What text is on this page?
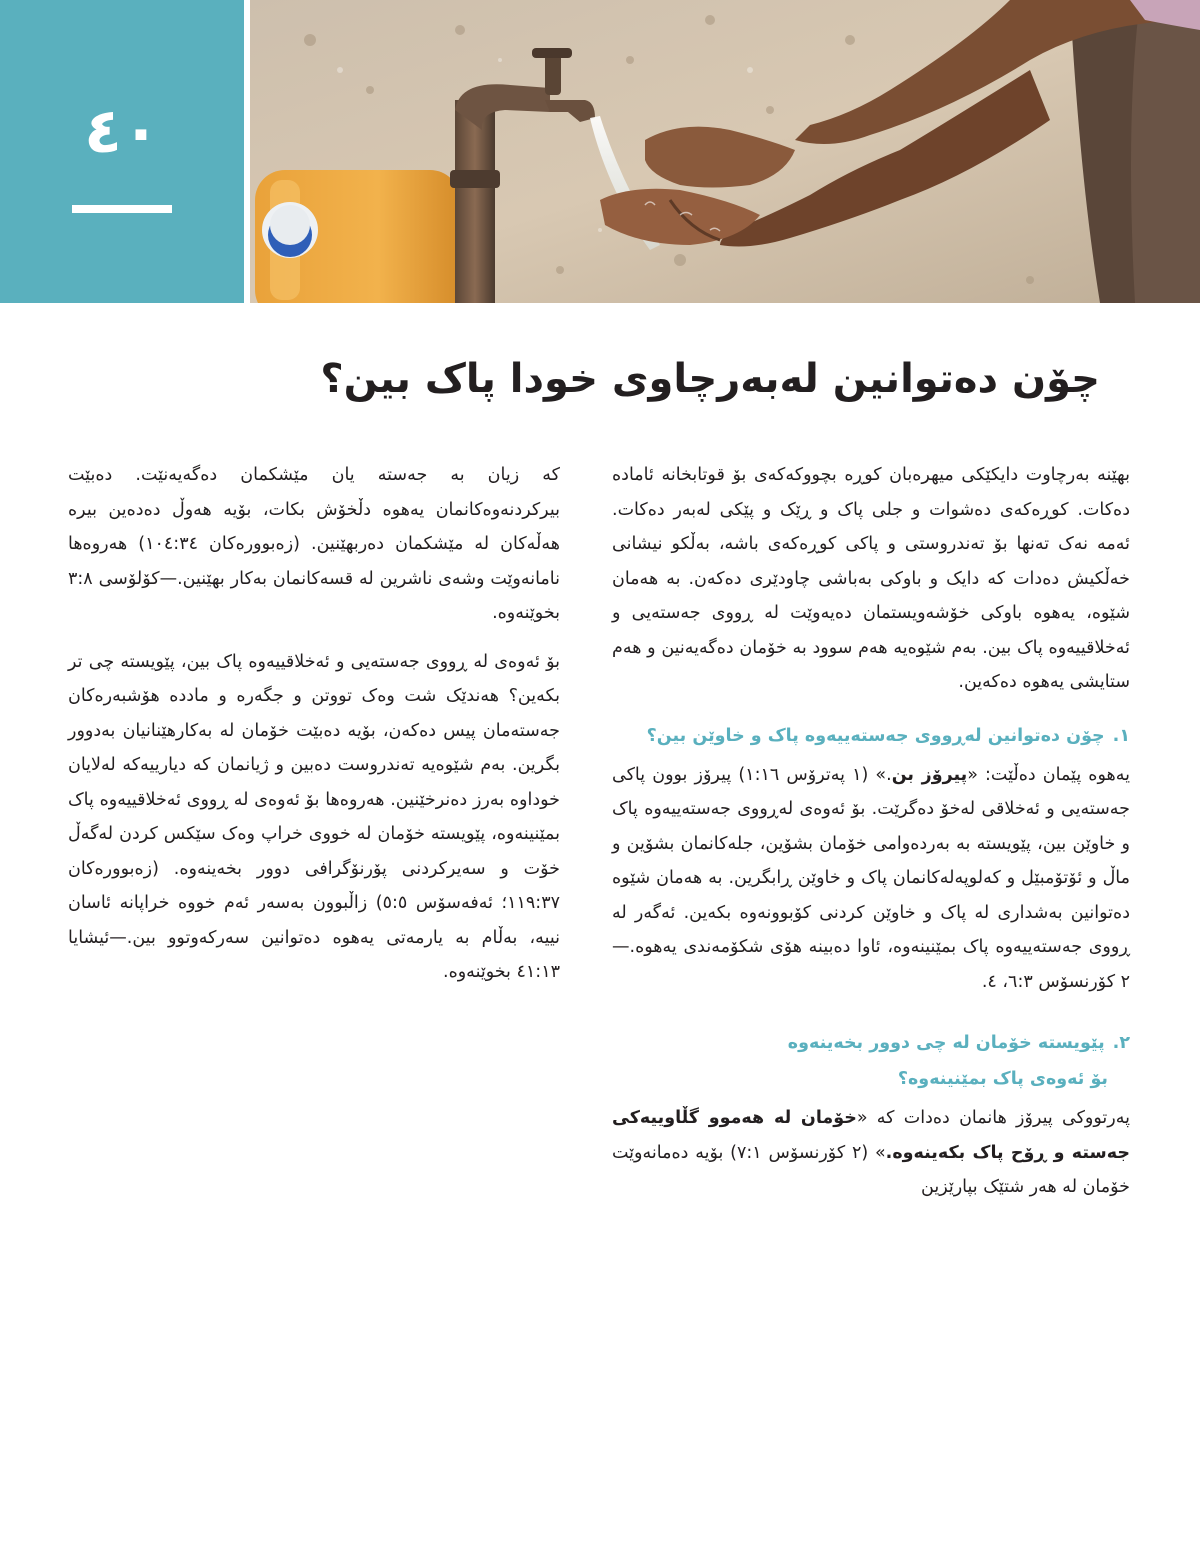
٤٠
چۆن دەتوانین لەبەرچاوی خودا پاک بین؟

بهێنە بەرچاوت دایکێکی میهرەبان کوڕە بچووکەکەی بۆ قوتابخانە ئامادە دەکات. کوڕەکەی دەشوات و جلی پاک و ڕێک و پێکی لەبەر دەکات. ئەمە نەک تەنها بۆ تەندروستی و پاکی کوڕەکەی باشە، بەڵکو نیشانی خەڵکیش دەدات کە دایک و باوکی بەباشی چاودێری دەکەن. بە هەمان شێوە، یەهوە باوکی خۆشەویستمان دەیەوێت لە ڕووی جەستەیی و ئەخلاقییەوە پاک بین. بەم شێوەیە هەم سوود بە خۆمان دەگەیەنین و هەم ستایشی یەهوە دەکەین.

١.چۆن دەتوانین لەڕووی جەستەییەوە پاک و خاوێن بین؟

یەهوە پێمان دەڵێت: «پیرۆز بن.» (١ پەترۆس ١:١٦) پیرۆز بوون پاکی جەستەیی و ئەخلاقی لەخۆ دەگرێت. بۆ ئەوەی لەڕووی جەستەییەوە پاک و خاوێن بین، پێویستە بە بەردەوامی خۆمان بشۆین، جلەکانمان بشۆین و ماڵ و ئۆتۆمبێل و کەلوپەلەکانمان پاک و خاوێن ڕابگرین. بە هەمان شێوە دەتوانین بەشداری لە پاک و خاوێن کردنی کۆبوونەوە بکەین. ئەگەر لە ڕووی جەستەییەوە پاک بمێنینەوە، ئاوا دەبینە هۆی شکۆمەندی یەهوە.—٢ کۆرنسۆس ٦:٣، ٤.

٢.پێویستە خۆمان لە چی دوور بخەینەوە
بۆ ئەوەی پاک بمێنینەوە؟

پەرتووکی پیرۆز هانمان دەدات کە «خۆمان لە هەموو گڵاوییەکی جەستە و ڕۆح پاک بکەینەوە.» (٢ کۆرنسۆس ٧:١) بۆیە دەمانەوێت خۆمان لە هەر شتێک بپارێزین

کە زیان بە جەستە یان مێشکمان دەگەیەنێت. دەبێت بیرکردنەوەکانمان یەهوە دڵخۆش بکات، بۆیە هەوڵ دەدەین بیرە هەڵەکان لە مێشکمان دەربهێنین. (زەبوورەکان ١٠٤:٣٤) هەروەها نامانەوێت وشەی ناشرین لە قسەکانمان بەکار بهێنین.—کۆلۆسی ٣:٨ بخوێنەوە.

بۆ ئەوەی لە ڕووی جەستەیی و ئەخلاقییەوە پاک بین، پێویستە چی تر بکەین؟ هەندێک شت وەک تووتن و جگەرە و ماددە هۆشبەرەکان جەستەمان پیس دەکەن، بۆیە دەبێت خۆمان لە بەکارهێنانیان بەدوور بگرین. بەم شێوەیە تەندروست دەبین و ژیانمان کە دیارییەکە لەلایان خوداوە بەرز دەنرخێنین. هەروەها بۆ ئەوەی لە ڕووی ئەخلاقییەوە پاک بمێنینەوە، پێویستە خۆمان لە خووی خراپ وەک سێکس کردن لەگەڵ خۆت و سەیرکردنی پۆرنۆگرافی دوور بخەینەوە. (زەبوورەکان ١١٩:٣٧؛ ئەفەسۆس ٥:٥) زاڵبوون بەسەر ئەم خووە خراپانە ئاسان نییە، بەڵام بە یارمەتی یەهوە دەتوانین سەرکەوتوو بین.—ئیشایا ٤١:١٣ بخوێنەوە.
